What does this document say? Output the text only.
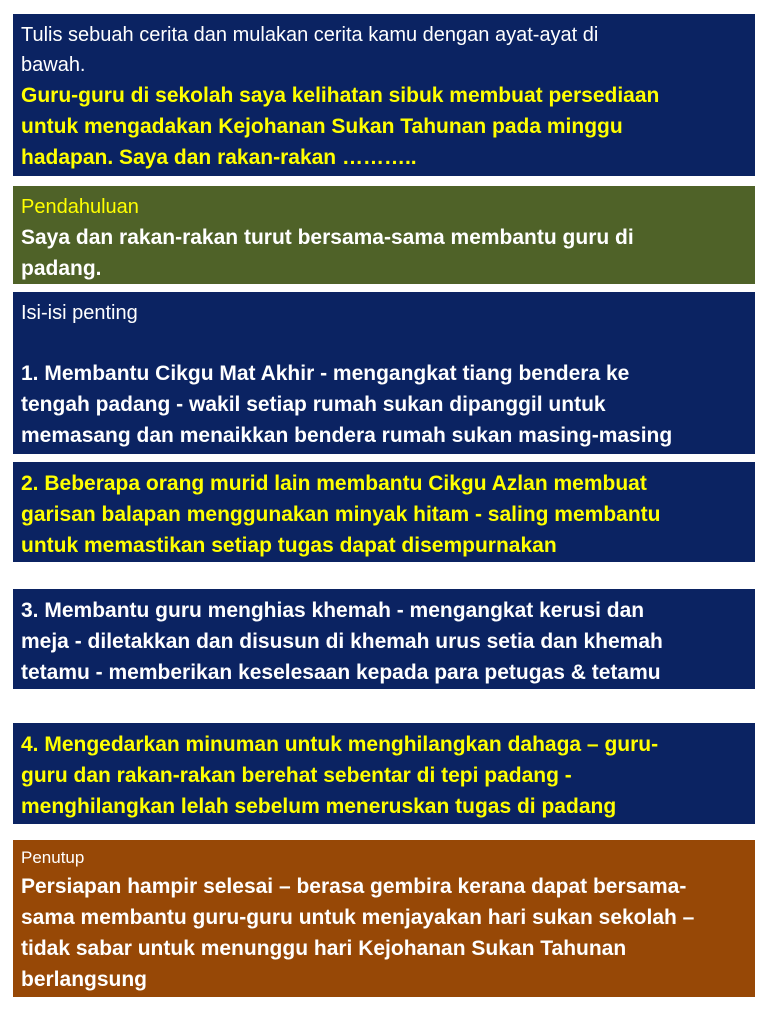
Tulis sebuah cerita dan mulakan cerita kamu dengan ayat-ayat di
bawah.
Guru-guru di sekolah saya kelihatan sibuk membuat persediaan
untuk mengadakan Kejohanan Sukan Tahunan pada minggu
hadapan. Saya dan rakan-rakan ………..
Pendahuluan
Saya dan rakan-rakan turut bersama-sama membantu guru di
padang.
Isi-isi penting
1. Membantu Cikgu Mat Akhir - mengangkat tiang bendera ke
tengah padang - wakil setiap rumah sukan dipanggil untuk
memasang dan menaikkan bendera rumah sukan masing-masing
2. Beberapa orang murid lain membantu Cikgu Azlan membuat
garisan balapan menggunakan minyak hitam - saling membantu
untuk memastikan setiap tugas dapat disempurnakan
3. Membantu guru menghias khemah - mengangkat kerusi dan
meja - diletakkan dan disusun di khemah urus setia dan khemah
tetamu - memberikan keselesaan kepada para petugas & tetamu
4. Mengedarkan minuman untuk menghilangkan dahaga – guru-
guru dan rakan-rakan berehat sebentar di tepi padang -
menghilangkan lelah sebelum meneruskan tugas di padang
Penutup
Persiapan hampir selesai – berasa gembira kerana dapat bersama-
sama membantu guru-guru untuk menjayakan hari sukan sekolah –
tidak sabar untuk menunggu hari Kejohanan Sukan Tahunan
berlangsung
